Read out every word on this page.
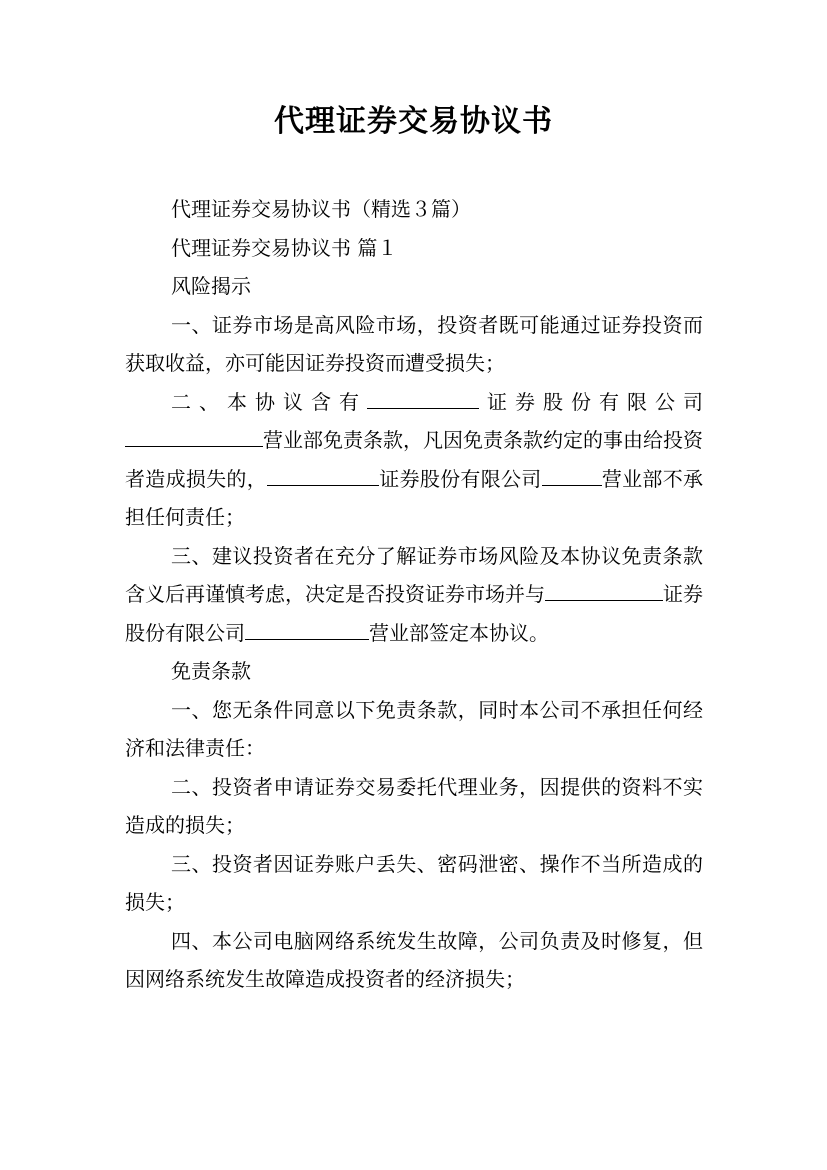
代理证券交易协议书

代理证券交易协议书（精选３篇）

代理证券交易协议书 篇１

风险揭示

一、证券市场是高风险市场，投资者既可能通过证券投资而获取收益，亦可能因证券投资而遭受损失；

二、本协议含有	证券股份有限公司营业部免责条款，凡因免责条款约定的事由给投资者造成损失的，	证券股份有限公司	营业部不承担任何责任；

三、建议投资者在充分了解证券市场风险及本协议免责条款含义后再谨慎考虑，决定是否投资证券市场并与	证券股份有限公司	营业部签定本协议。

免责条款

一、您无条件同意以下免责条款，同时本公司不承担任何经济和法律责任：

二、投资者申请证券交易委托代理业务，因提供的资料不实造成的损失；

三、投资者因证券账户丢失、密码泄密、操作不当所造成的损失；

四、本公司电脑网络系统发生故障，公司负责及时修复，但因网络系统发生故障造成投资者的经济损失；
